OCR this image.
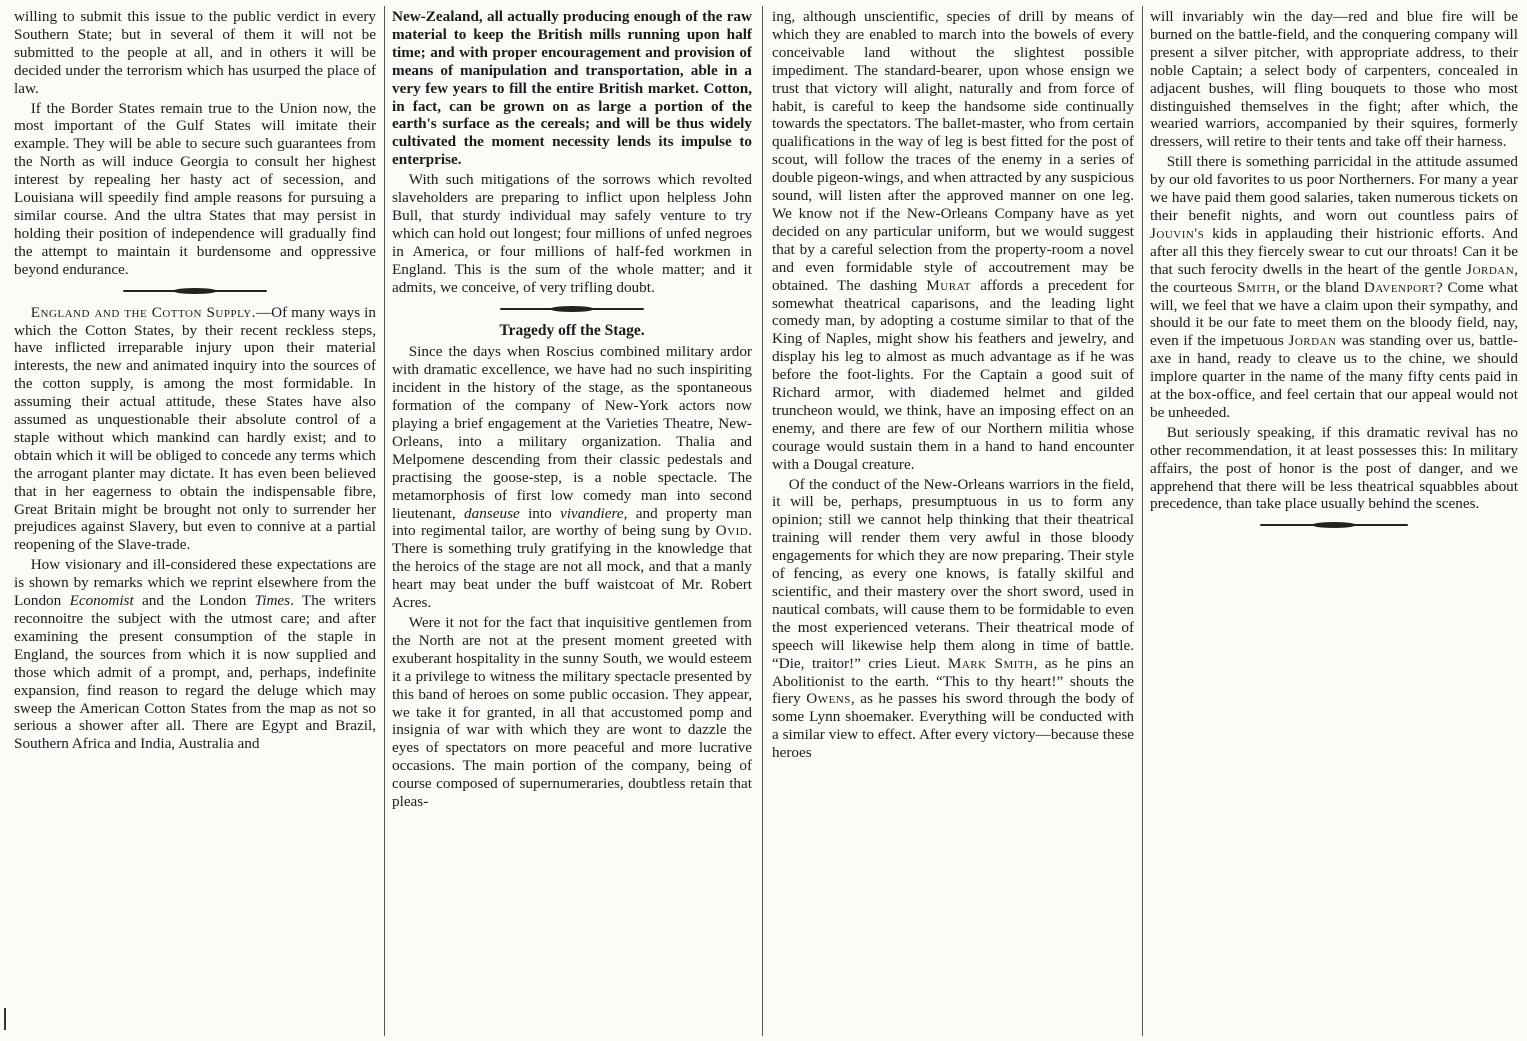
willing to submit this issue to the public verdict in every Southern State; but in several of them it will not be submitted to the people at all, and in others it will be decided under the terrorism which has usurped the place of law.

If the Border States remain true to the Union now, the most important of the Gulf States will imitate their example. They will be able to secure such guarantees from the North as will induce Georgia to consult her highest interest by repealing her hasty act of secession, and Louisiana will speedily find ample reasons for pursuing a similar course. And the ultra States that may persist in holding their position of independence will gradually find the attempt to maintain it burdensome and oppressive beyond endurance.

England and the Cotton Supply.—Of many ways in which the Cotton States, by their recent reckless steps, have inflicted irreparable injury upon their material interests, the new and animated inquiry into the sources of the cotton supply, is among the most formidable. In assuming their actual attitude, these States have also assumed as unquestionable their absolute control of a staple without which mankind can hardly exist; and to obtain which it will be obliged to concede any terms which the arrogant planter may dictate. It has even been believed that in her eagerness to obtain the indispensable fibre, Great Britain might be brought not only to surrender her prejudices against Slavery, but even to connive at a partial reopening of the Slave-trade.

How visionary and ill-considered these expectations are is shown by remarks which we reprint elsewhere from the London Economist and the London Times. The writers reconnoitre the subject with the utmost care; and after examining the present consumption of the staple in England, the sources from which it is now supplied and those which admit of a prompt, and, perhaps, indefinite expansion, find reason to regard the deluge which may sweep the American Cotton States from the map as not so serious a shower after all. There are Egypt and Brazil, Southern Africa and India, Australia and

New-Zealand, all actually producing enough of the raw material to keep the British mills running upon half time; and with proper encouragement and provision of means of manipulation and transportation, able in a very few years to fill the entire British market. Cotton, in fact, can be grown on as large a portion of the earth's surface as the cereals; and will be thus widely cultivated the moment necessity lends its impulse to enterprise.

With such mitigations of the sorrows which revolted slaveholders are preparing to inflict upon helpless John Bull, that sturdy individual may safely venture to try which can hold out longest; four millions of unfed negroes in America, or four millions of half-fed workmen in England. This is the sum of the whole matter; and it admits, we conceive, of very trifling doubt.

Tragedy off the Stage.

Since the days when Roscius combined military ardor with dramatic excellence, we have had no such inspiriting incident in the history of the stage, as the spontaneous formation of the company of New-York actors now playing a brief engagement at the Varieties Theatre, New-Orleans, into a military organization. Thalia and Melpomene descending from their classic pedestals and practising the goose-step, is a noble spectacle. The metamorphosis of first low comedy man into second lieutenant, danseuse into vivandiere, and property man into regimental tailor, are worthy of being sung by Ovid. There is something truly gratifying in the knowledge that the heroics of the stage are not all mock, and that a manly heart may beat under the buff waistcoat of Mr. Robert Acres.

Were it not for the fact that inquisitive gentlemen from the North are not at the present moment greeted with exuberant hospitality in the sunny South, we would esteem it a privilege to witness the military spectacle presented by this band of heroes on some public occasion. They appear, we take it for granted, in all that accustomed pomp and insignia of war with which they are wont to dazzle the eyes of spectators on more peaceful and more lucrative occasions. The main portion of the company, being of course composed of supernumeraries, doubtless retain that pleas-

ing, although unscientific, species of drill by means of which they are enabled to march into the bowels of every conceivable land without the slightest possible impediment. The standard-bearer, upon whose ensign we trust that victory will alight, naturally and from force of habit, is careful to keep the handsome side continually towards the spectators. The ballet-master, who from certain qualifications in the way of leg is best fitted for the post of scout, will follow the traces of the enemy in a series of double pigeon-wings, and when attracted by any suspicious sound, will listen after the approved manner on one leg. We know not if the New-Orleans Company have as yet decided on any particular uniform, but we would suggest that by a careful selection from the property-room a novel and even formidable style of accoutrement may be obtained. The dashing Murat affords a precedent for somewhat theatrical caparisons, and the leading light comedy man, by adopting a costume similar to that of the King of Naples, might show his feathers and jewelry, and display his leg to almost as much advantage as if he was before the foot-lights. For the Captain a good suit of Richard armor, with diademed helmet and gilded truncheon would, we think, have an imposing effect on an enemy, and there are few of our Northern militia whose courage would sustain them in a hand to hand encounter with a Dougal creature.

Of the conduct of the New-Orleans warriors in the field, it will be, perhaps, presumptuous in us to form any opinion; still we cannot help thinking that their theatrical training will render them very awful in those bloody engagements for which they are now preparing. Their style of fencing, as every one knows, is fatally skilful and scientific, and their mastery over the short sword, used in nautical combats, will cause them to be formidable to even the most experienced veterans. Their theatrical mode of speech will likewise help them along in time of battle. “Die, traitor!” cries Lieut. Mark Smith, as he pins an Abolitionist to the earth. “This to thy heart!” shouts the fiery Owens, as he passes his sword through the body of some Lynn shoemaker. Everything will be conducted with a similar view to effect. After every victory—because these heroes

will invariably win the day—red and blue fire will be burned on the battle-field, and the conquering company will present a silver pitcher, with appropriate address, to their noble Captain; a select body of carpenters, concealed in adjacent bushes, will fling bouquets to those who most distinguished themselves in the fight; after which, the wearied warriors, accompanied by their squires, formerly dressers, will retire to their tents and take off their harness.

Still there is something parricidal in the attitude assumed by our old favorites to us poor Northerners. For many a year we have paid them good salaries, taken numerous tickets on their benefit nights, and worn out countless pairs of Jouvin's kids in applauding their histrionic efforts. And after all this they fiercely swear to cut our throats! Can it be that such ferocity dwells in the heart of the gentle Jordan, the courteous Smith, or the bland Davenport? Come what will, we feel that we have a claim upon their sympathy, and should it be our fate to meet them on the bloody field, nay, even if the impetuous Jordan was standing over us, battle-axe in hand, ready to cleave us to the chine, we should implore quarter in the name of the many fifty cents paid in at the box-office, and feel certain that our appeal would not be unheeded.

But seriously speaking, if this dramatic revival has no other recommendation, it at least possesses this: In military affairs, the post of honor is the post of danger, and we apprehend that there will be less theatrical squabbles about precedence, than take place usually behind the scenes.
